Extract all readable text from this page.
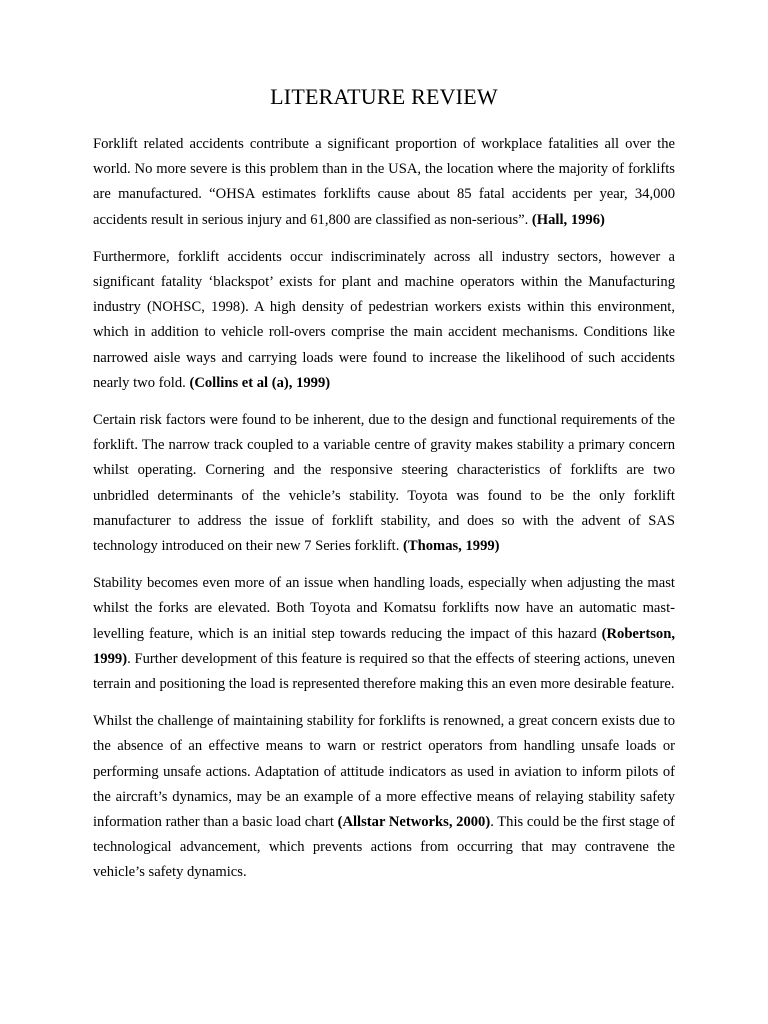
LITERATURE REVIEW

Forklift related accidents contribute a significant proportion of workplace fatalities all over the world. No more severe is this problem than in the USA, the location where the majority of forklifts are manufactured. “OHSA estimates forklifts cause about 85 fatal accidents per year, 34,000 accidents result in serious injury and 61,800 are classified as non-serious”. (Hall, 1996)

Furthermore, forklift accidents occur indiscriminately across all industry sectors, however a significant fatality ‘blackspot’ exists for plant and machine operators within the Manufacturing industry (NOHSC, 1998). A high density of pedestrian workers exists within this environment, which in addition to vehicle roll-overs comprise the main accident mechanisms. Conditions like narrowed aisle ways and carrying loads were found to increase the likelihood of such accidents nearly two fold. (Collins et al (a), 1999)

Certain risk factors were found to be inherent, due to the design and functional requirements of the forklift. The narrow track coupled to a variable centre of gravity makes stability a primary concern whilst operating. Cornering and the responsive steering characteristics of forklifts are two unbridled determinants of the vehicle’s stability. Toyota was found to be the only forklift manufacturer to address the issue of forklift stability, and does so with the advent of SAS technology introduced on their new 7 Series forklift. (Thomas, 1999)

Stability becomes even more of an issue when handling loads, especially when adjusting the mast whilst the forks are elevated. Both Toyota and Komatsu forklifts now have an automatic mast-levelling feature, which is an initial step towards reducing the impact of this hazard (Robertson, 1999). Further development of this feature is required so that the effects of steering actions, uneven terrain and positioning the load is represented therefore making this an even more desirable feature.

Whilst the challenge of maintaining stability for forklifts is renowned, a great concern exists due to the absence of an effective means to warn or restrict operators from handling unsafe loads or performing unsafe actions. Adaptation of attitude indicators as used in aviation to inform pilots of the aircraft’s dynamics, may be an example of a more effective means of relaying stability safety information rather than a basic load chart (Allstar Networks, 2000). This could be the first stage of technological advancement, which prevents actions from occurring that may contravene the vehicle’s safety dynamics.
